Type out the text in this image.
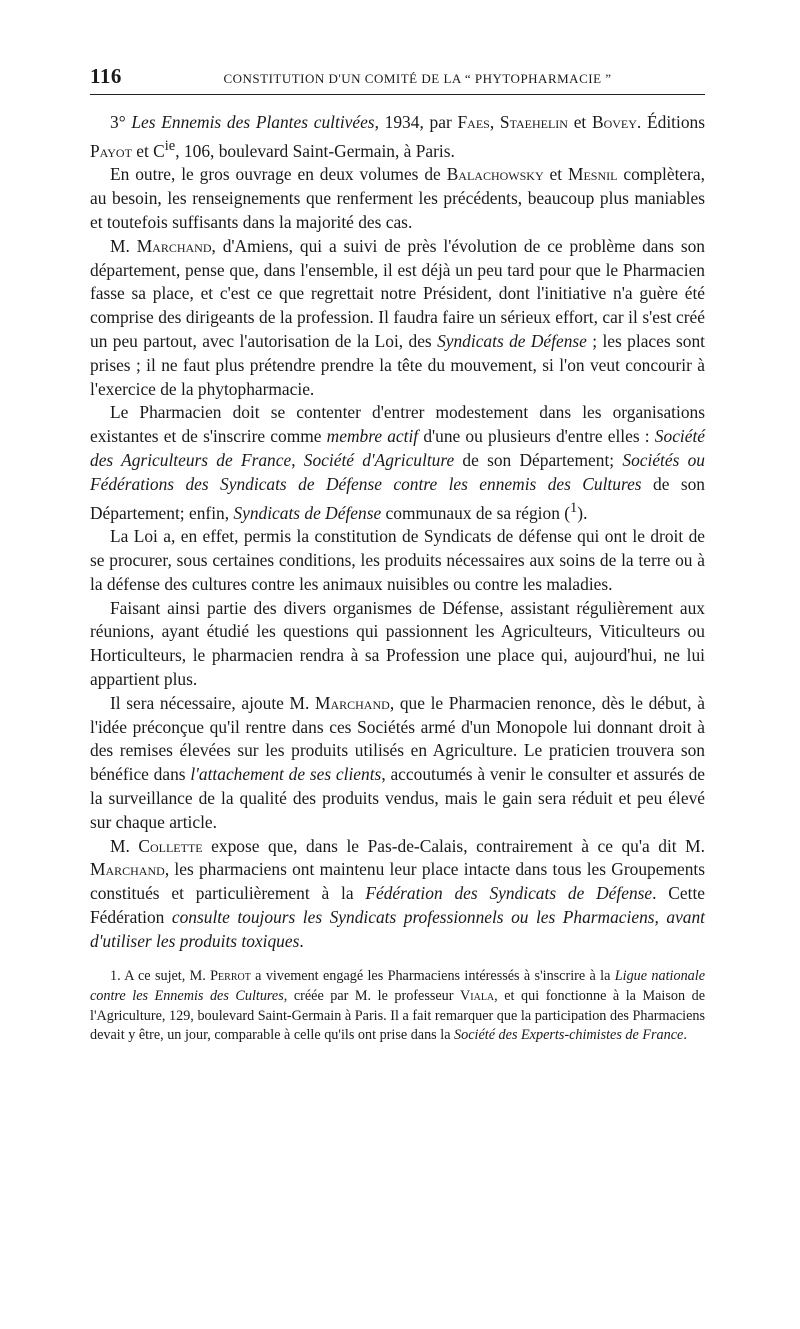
116	CONSTITUTION D'UN COMITÉ DE LA “ PHYTOPHARMACIE ”

3° Les Ennemis des Plantes cultivées, 1934, par Faes, Staehelin et Bovey. Éditions Payot et $C^{ie}$, 106, boulevard Saint-Germain, à Paris.

En outre, le gros ouvrage en deux volumes de Balachowsky et Mesnil complètera, au besoin, les renseignements que renferment les précédents, beaucoup plus maniables et toutefois suffisants dans la majorité des cas.

M. Marchand, d'Amiens, qui a suivi de près l'évolution de ce problème dans son département, pense que, dans l'ensemble, il est déjà un peu tard pour que le Pharmacien fasse sa place, et c'est ce que regrettait notre Président, dont l'initiative n'a guère été comprise des dirigeants de la profession. Il faudra faire un sérieux effort, car il s'est créé un peu partout, avec l'autorisation de la Loi, des Syndicats de Défense ; les places sont prises ; il ne faut plus prétendre prendre la tête du mouvement, si l'on veut concourir à l'exercice de la phytopharmacie.

Le Pharmacien doit se contenter d'entrer modestement dans les organisations existantes et de s'inscrire comme membre actif d'une ou plusieurs d'entre elles : Société des Agriculteurs de France, Société d'Agriculture de son Département; Sociétés ou Fédérations des Syndicats de Défense contre les ennemis des Cultures de son Département; enfin, Syndicats de Défense communaux de sa région ($^1$).

La Loi a, en effet, permis la constitution de Syndicats de défense qui ont le droit de se procurer, sous certaines conditions, les produits nécessaires aux soins de la terre ou à la défense des cultures contre les animaux nuisibles ou contre les maladies.

Faisant ainsi partie des divers organismes de Défense, assistant régulièrement aux réunions, ayant étudié les questions qui passionnent les Agriculteurs, Viticulteurs ou Horticulteurs, le pharmacien rendra à sa Profession une place qui, aujourd'hui, ne lui appartient plus.

Il sera nécessaire, ajoute M. Marchand, que le Pharmacien renonce, dès le début, à l'idée préconçue qu'il rentre dans ces Sociétés armé d'un Monopole lui donnant droit à des remises élevées sur les produits utilisés en Agriculture. Le praticien trouvera son bénéfice dans l'attachement de ses clients, accoutumés à venir le consulter et assurés de la surveillance de la qualité des produits vendus, mais le gain sera réduit et peu élevé sur chaque article.

M. Collette expose que, dans le Pas-de-Calais, contrairement à ce qu'a dit M. Marchand, les pharmaciens ont maintenu leur place intacte dans tous les Groupements constitués et particulièrement à la Fédération des Syndicats de Défense. Cette Fédération consulte toujours les Syndicats professionnels ou les Pharmaciens, avant d'utiliser les produits toxiques.

1. A ce sujet, M. Perrot a vivement engagé les Pharmaciens intéressés à s'inscrire à la Ligue nationale contre les Ennemis des Cultures, créée par M. le professeur Viala, et qui fonctionne à la Maison de l'Agriculture, 129, boulevard Saint-Germain à Paris. Il a fait remarquer que la participation des Pharmaciens devait y être, un jour, comparable à celle qu'ils ont prise dans la Société des Experts-chimistes de France.
